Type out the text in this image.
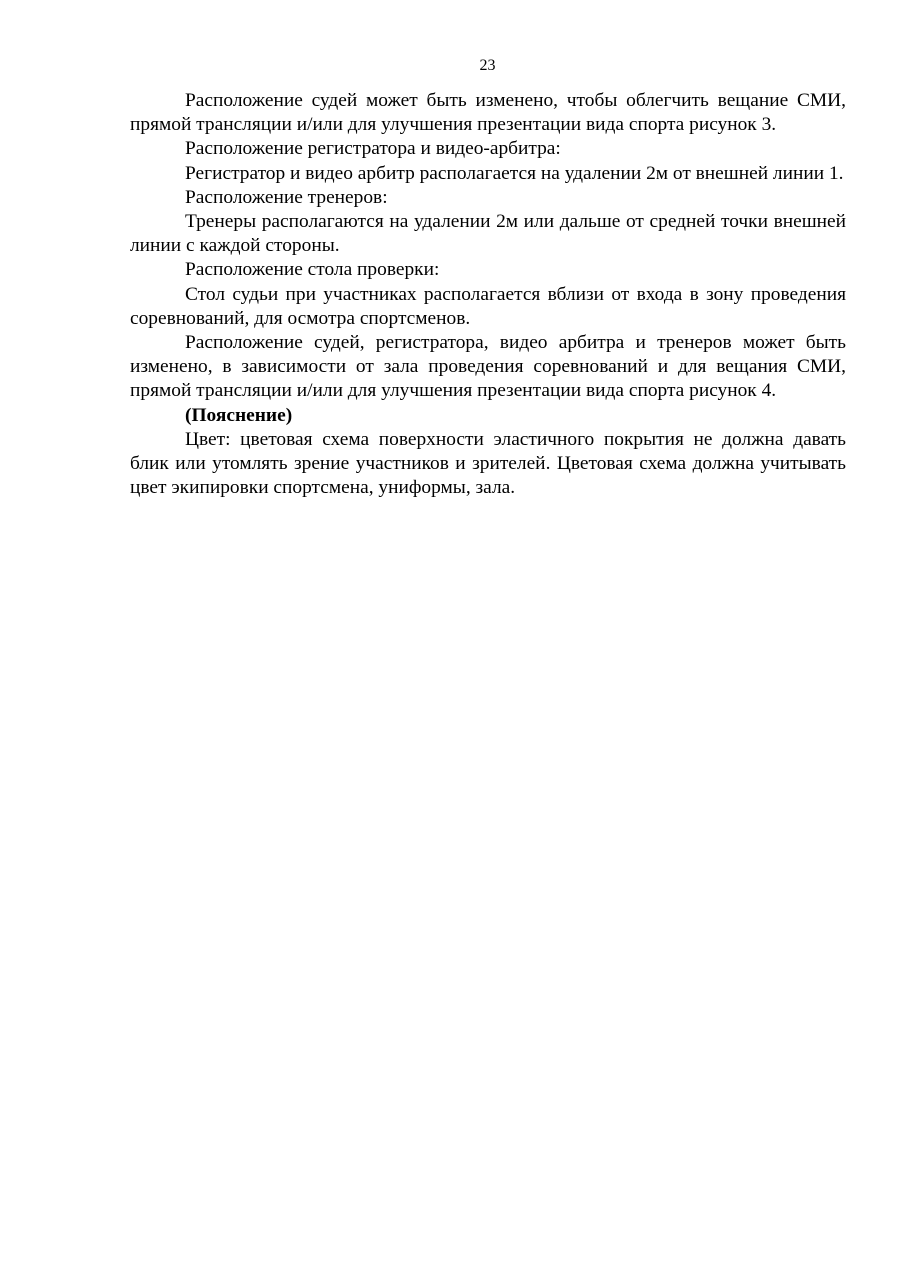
23

Расположение судей может быть изменено, чтобы облегчить вещание СМИ, прямой трансляции и/или для улучшения презентации вида спорта рисунок 3.

Расположение регистратора и видео-арбитра:

Регистратор и видео арбитр располагается на удалении 2м от внешней линии 1.

Расположение тренеров:

Тренеры располагаются на удалении 2м или дальше от средней точки внешней линии с каждой стороны.

Расположение стола проверки:

Стол судьи при участниках располагается вблизи от входа в зону проведения соревнований, для осмотра спортсменов.

Расположение судей, регистратора, видео арбитра и тренеров может быть изменено, в зависимости от зала проведения соревнований и для вещания СМИ, прямой трансляции и/или для улучшения презентации вида спорта рисунок 4.

(Пояснение)

Цвет: цветовая схема поверхности эластичного покрытия не должна давать блик или утомлять зрение участников и зрителей. Цветовая схема должна учитывать цвет экипировки спортсмена, униформы, зала.
